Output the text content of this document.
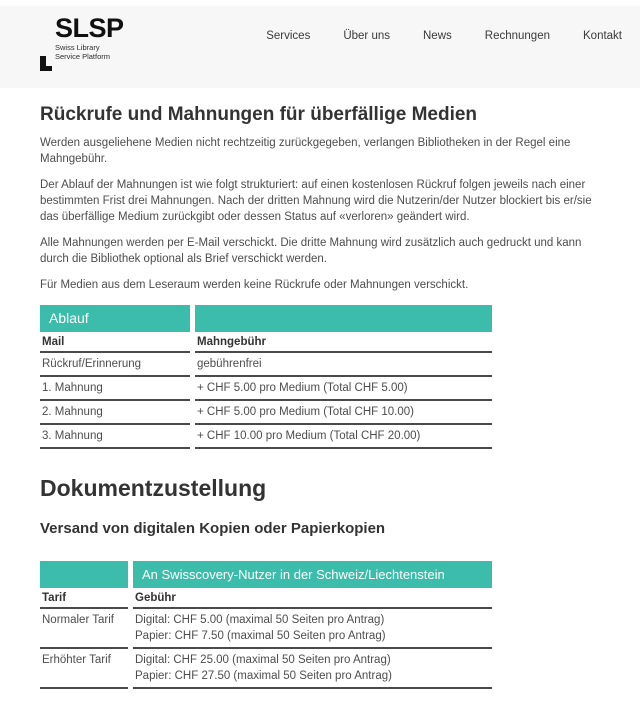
SLSP
Swiss Library
Service Platform
Services	Über uns	News	Rechnungen	Kontakt
Rückrufe und Mahnungen für überfällige Medien

Werden ausgeliehene Medien nicht rechtzeitig zurückgegeben, verlangen Bibliotheken in der Regel eine Mahngebühr.

Der Ablauf der Mahnungen ist wie folgt strukturiert: auf einen kostenlosen Rückruf folgen jeweils nach einer bestimmten Frist drei Mahnungen. Nach der dritten Mahnung wird die Nutzerin/der Nutzer blockiert bis er/sie das überfällige Medium zurückgibt oder dessen Status auf «verloren» geändert wird.

Alle Mahnungen werden per E-Mail verschickt. Die dritte Mahnung wird zusätzlich auch gedruckt und kann durch die Bibliothek optional als Brief verschickt werden.

Für Medien aus dem Leseraum werden keine Rückrufe oder Mahnungen verschickt.

Ablauf	
Mail	Mahngebühr
Rückruf/Erinnerung	gebührenfrei
1. Mahnung	+ CHF 5.00 pro Medium (Total CHF 5.00)
2. Mahnung	+ CHF 5.00 pro Medium (Total CHF 10.00)
3. Mahnung	+ CHF 10.00 pro Medium (Total CHF 20.00)
Dokumentzustellung
Versand von digitalen Kopien oder Papierkopien
	An Swisscovery-Nutzer in der Schweiz/Liechtenstein
Tarif	Gebühr
Normaler Tarif	Digital: CHF 5.00 (maximal 50 Seiten pro Antrag)
Papier: CHF 7.50 (maximal 50 Seiten pro Antrag)

Erhöhter Tarif	Digital: CHF 25.00 (maximal 50 Seiten pro Antrag)
Papier: CHF 27.50 (maximal 50 Seiten pro Antrag)
